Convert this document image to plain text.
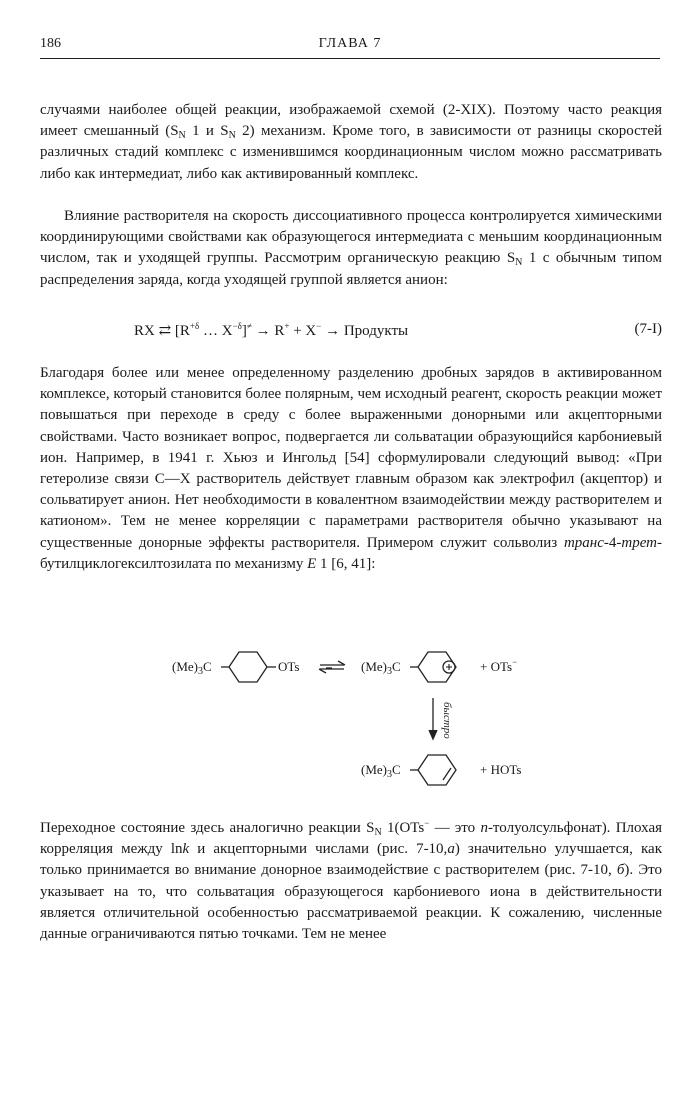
186	ГЛАВА 7

случаями наиболее общей реакции, изображаемой схемой (2-XIX). Поэтому часто реакция имеет смешанный ($S_N$ 1 и $S_N$ 2) механизм. Кроме того, в зависимости от разницы скоростей различных стадий комплекс с изменившимся координационным числом можно рассматривать либо как интермедиат, либо как активированный комплекс.

Влияние растворителя на скорость диссоциативного процесса контролируется химическими координирующими свойствами как образующегося интермедиата с меньшим координационным числом, так и уходящей группы. Рассмотрим органическую реакцию $S_N$ 1 с обычным типом распределения заряда, когда уходящей группой является анион:

RX ⇄ [$R^{+\delta}$ … $X^{-\delta}]^\ne \to R^+ + X^-$ → Продукты	(7-I)

Благодаря более или менее определенному разделению дробных зарядов в активированном комплексе, который становится более полярным, чем исходный реагент, скорость реакции может повышаться при переходе в среду с более выраженными донорными или акцепторными свойствами. Часто возникает вопрос, подвергается ли сольватации образующийся карбониевый ион. Например, в 1941 г. Хьюз и Ингольд [54] сформулировали следующий вывод: «При гетеролизе связи C—X растворитель действует главным образом как электрофил (акцептор) и сольватирует анион. Нет необходимости в ковалентном взаимодействии между растворителем и катионом». Тем не менее корреляции с параметрами растворителя обычно указывают на существенные донорные эффекты растворителя. Примером служит сольволиз транс-4-трет-бутилциклогексилтозилата по механизму E 1 [6, 41]:

$(Me)_3C$	OTs	$(Me)_3C$	+ OTs−
быстро
$(Me)_3C$	+ HOTs

Переходное состояние здесь аналогично реакции $S_N$ 1(OTs− — это n-толуолсульфонат). Плохая корреляция между lnk и акцепторными числами (рис. 7-10,a) значительно улучшается, как только принимается во внимание донорное взаимодействие с растворителем (рис. 7-10, б). Это указывает на то, что сольватация образующегося карбониевого иона в действительности является отличительной особенностью рассматриваемой реакции. К сожалению, численные данные ограничиваются пятью точками. Тем не менее
